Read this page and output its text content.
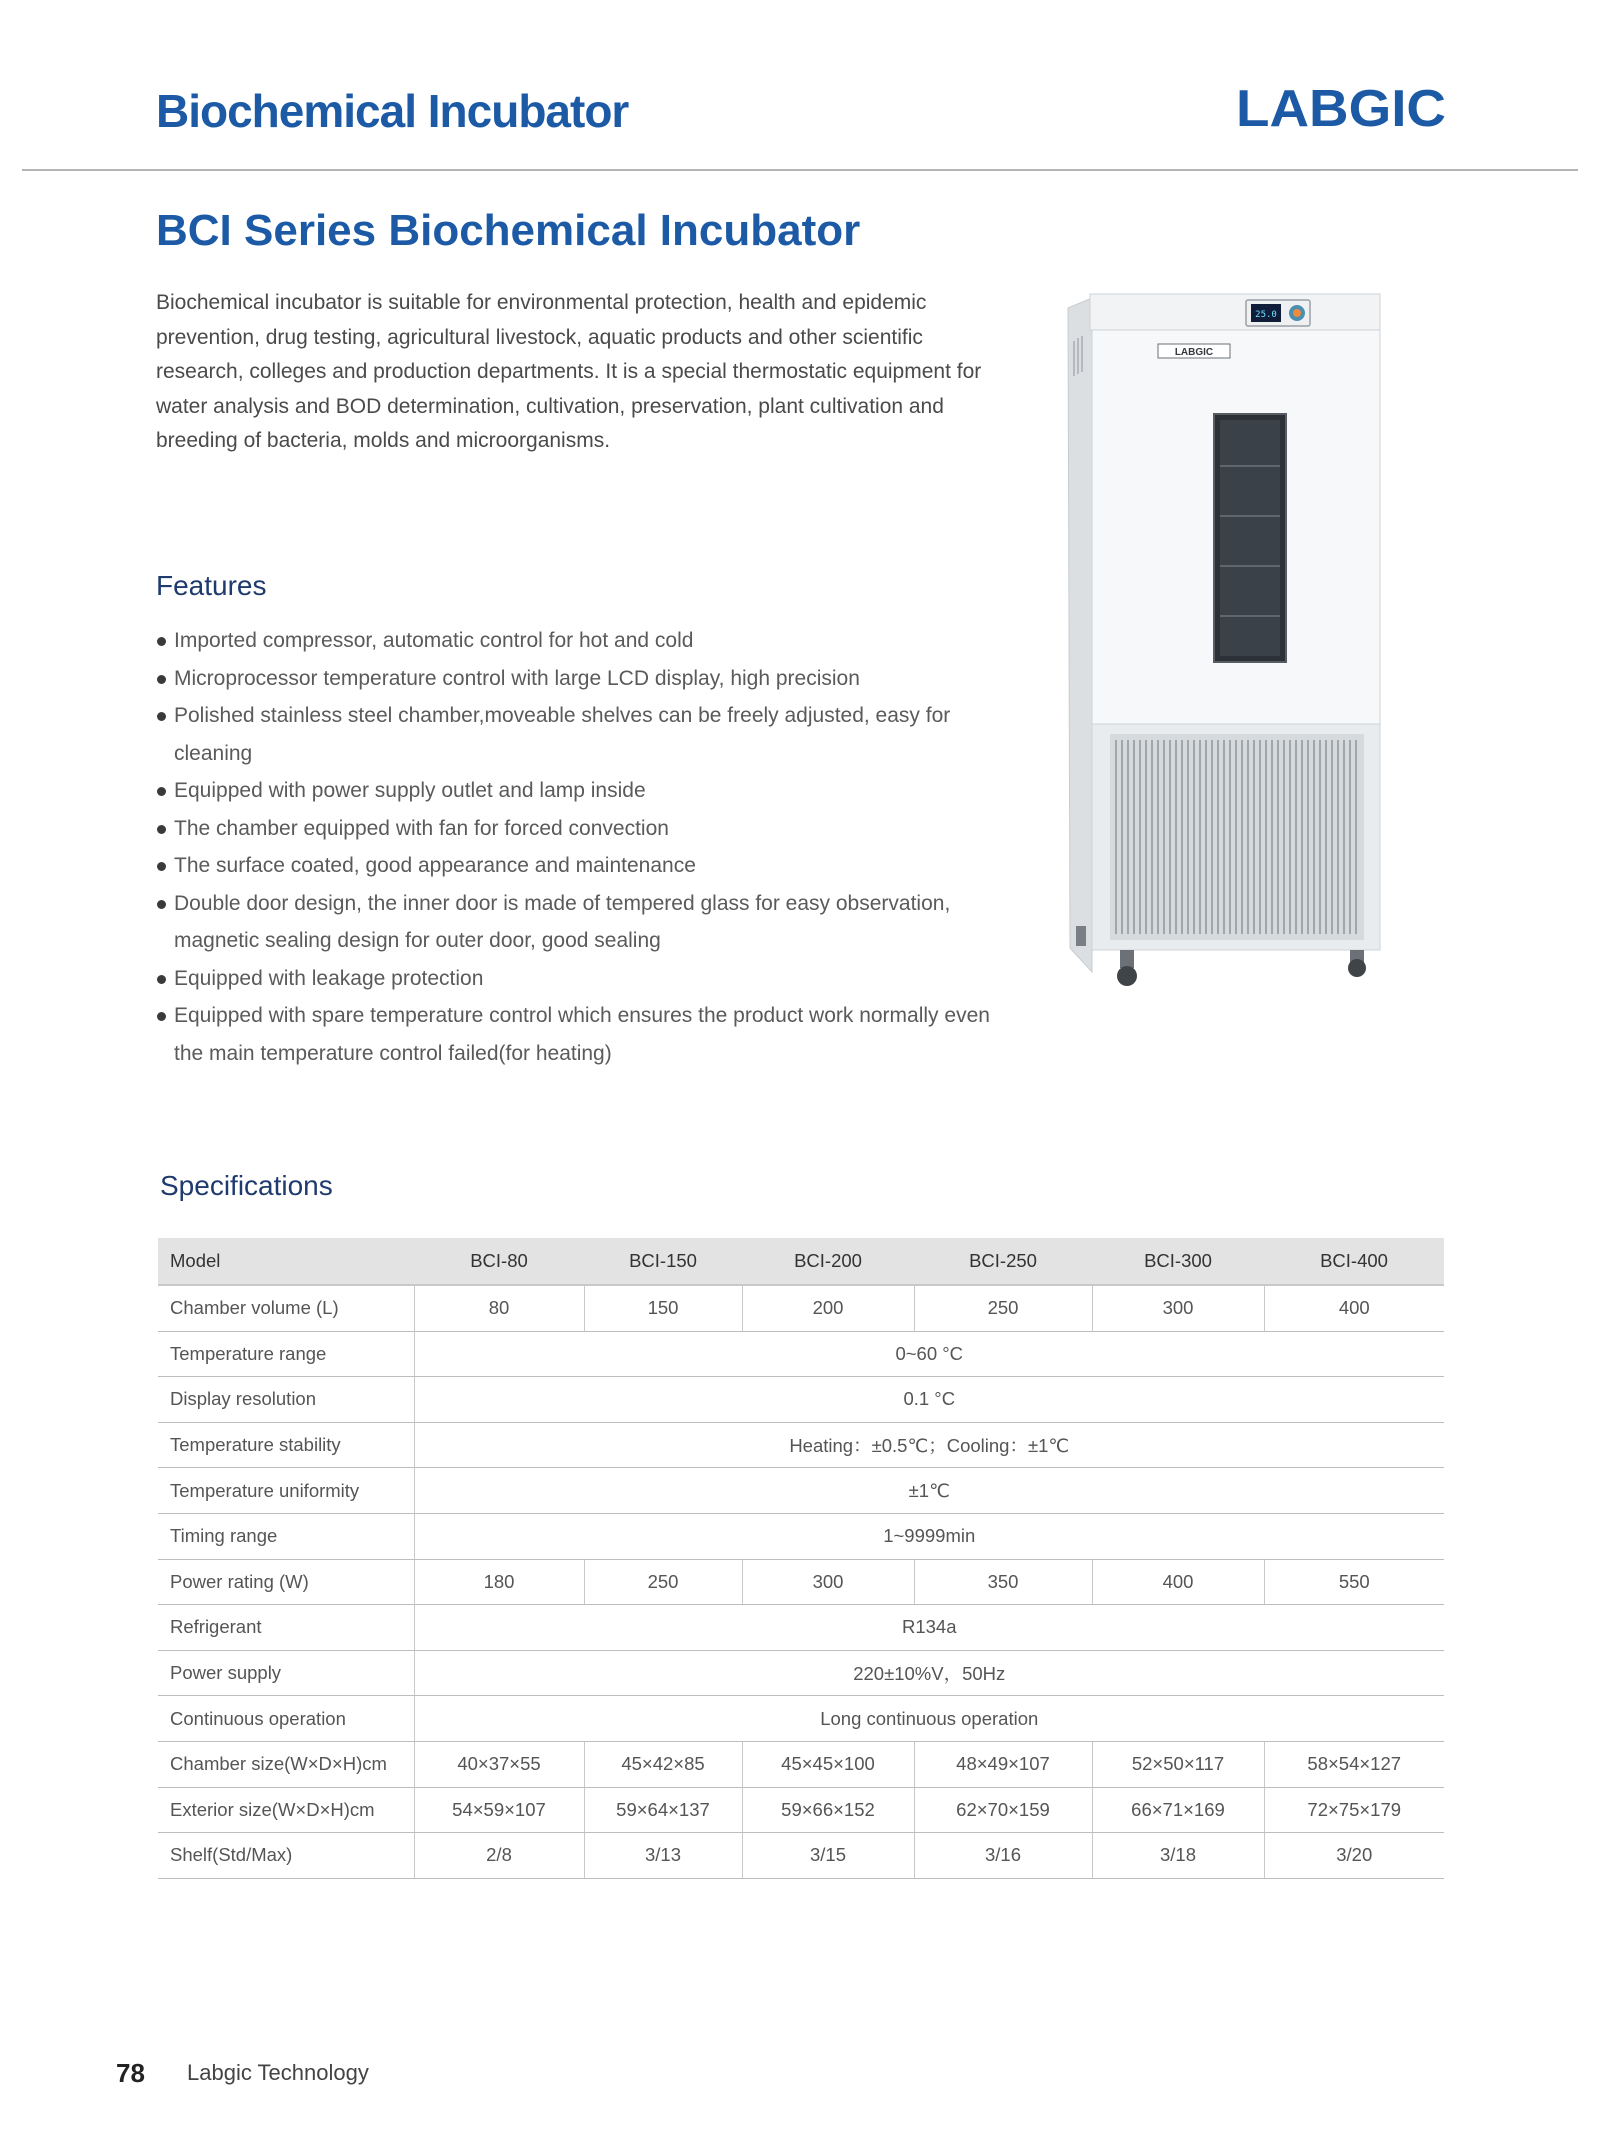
Biochemical Incubator	LABGIC
BCI Series Biochemical Incubator

Biochemical incubator is suitable for environmental protection, health and epidemic prevention, drug testing, agricultural livestock, aquatic products and other scientific research, colleges and production departments. It is a special thermostatic equipment for water analysis and BOD determination, cultivation, preservation, plant cultivation and breeding of bacteria, molds and microorganisms.

Features
Imported compressor, automatic control for hot and cold
Microprocessor temperature control with large LCD display, high precision
Polished stainless steel chamber,moveable shelves can be freely adjusted, easy for cleaning
Equipped with power supply outlet and lamp inside
The chamber equipped with fan for forced convection
The surface coated, good appearance and maintenance
Double door design, the inner door is made of tempered glass for easy observation, magnetic sealing design for outer door, good sealing
Equipped with leakage protection
Equipped with spare temperature control which ensures the product work normally even the main temperature control failed(for heating)
25.0
LABGIC
Specifications
Model	BCI-80	BCI-150	BCI-200	BCI-250	BCI-300	BCI-400
Chamber volume (L)	80	150	200	250	300	400
Temperature range	0~60 °C					
Display resolution	0.1 °C					
Temperature stability	Heating：±0.5℃；Cooling：±1℃					
Temperature uniformity	±1℃					
Timing range	1~9999min					
Power rating (W)	180	250	300	350	400	550
Refrigerant	R134a					
Power supply	220±10%V，50Hz					
Continuous operation	Long continuous operation					
Chamber size(W×D×H)cm	40×37×55	45×42×85	45×45×100	48×49×107	52×50×117	58×54×127
Exterior size(W×D×H)cm	54×59×107	59×64×137	59×66×152	62×70×159	66×71×169	72×75×179
Shelf(Std/Max)	2/8	3/13	3/15	3/16	3/18	3/20
78 Labgic Technology
